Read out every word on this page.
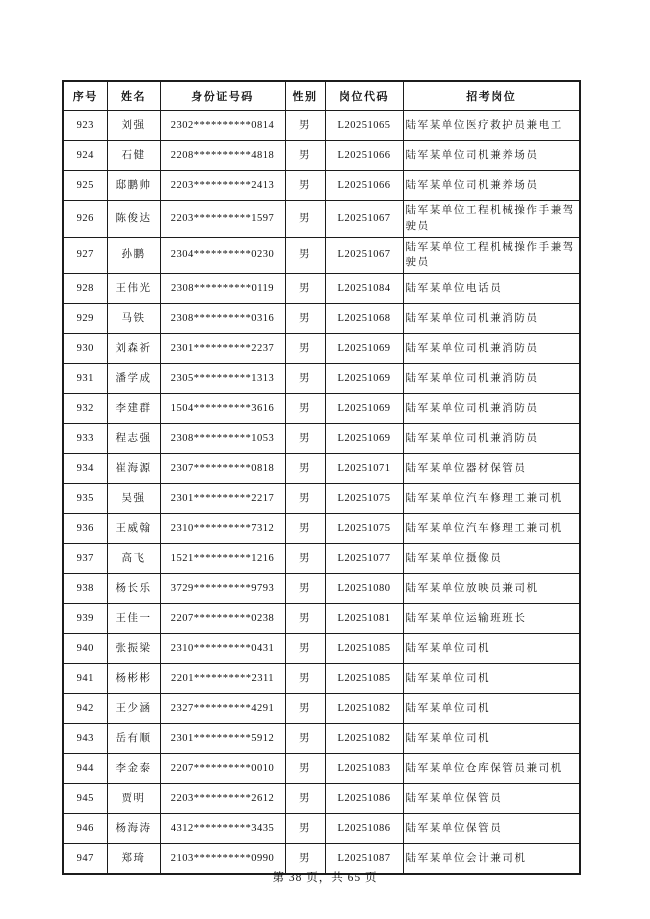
序号	姓名	身份证号码	性别	岗位代码	招考岗位
923	刘强	2302**********0814	男	L20251065	陆军某单位医疗救护员兼电工
924	石健	2208**********4818	男	L20251066	陆军某单位司机兼养场员
925	邸鹏帅	2203**********2413	男	L20251066	陆军某单位司机兼养场员
926	陈俊达	2203**********1597	男	L20251067	陆军某单位工程机械操作手兼驾驶员
927	孙鹏	2304**********0230	男	L20251067	陆军某单位工程机械操作手兼驾驶员
928	王伟光	2308**********0119	男	L20251084	陆军某单位电话员
929	马铁	2308**********0316	男	L20251068	陆军某单位司机兼消防员
930	刘森祈	2301**********2237	男	L20251069	陆军某单位司机兼消防员
931	潘学成	2305**********1313	男	L20251069	陆军某单位司机兼消防员
932	李建群	1504**********3616	男	L20251069	陆军某单位司机兼消防员
933	程志强	2308**********1053	男	L20251069	陆军某单位司机兼消防员
934	崔海源	2307**********0818	男	L20251071	陆军某单位器材保管员
935	吴强	2301**********2217	男	L20251075	陆军某单位汽车修理工兼司机
936	王威翰	2310**********7312	男	L20251075	陆军某单位汽车修理工兼司机
937	高飞	1521**********1216	男	L20251077	陆军某单位摄像员
938	杨长乐	3729**********9793	男	L20251080	陆军某单位放映员兼司机
939	王佳一	2207**********0238	男	L20251081	陆军某单位运输班班长
940	张振梁	2310**********0431	男	L20251085	陆军某单位司机
941	杨彬彬	2201**********2311	男	L20251085	陆军某单位司机
942	王少涵	2327**********4291	男	L20251082	陆军某单位司机
943	岳有顺	2301**********5912	男	L20251082	陆军某单位司机
944	李金泰	2207**********0010	男	L20251083	陆军某单位仓库保管员兼司机
945	贾明	2203**********2612	男	L20251086	陆军某单位保管员
946	杨海涛	4312**********3435	男	L20251086	陆军某单位保管员
947	郑琦	2103**********0990	男	L20251087	陆军某单位会计兼司机
第 38 页，共 65 页
